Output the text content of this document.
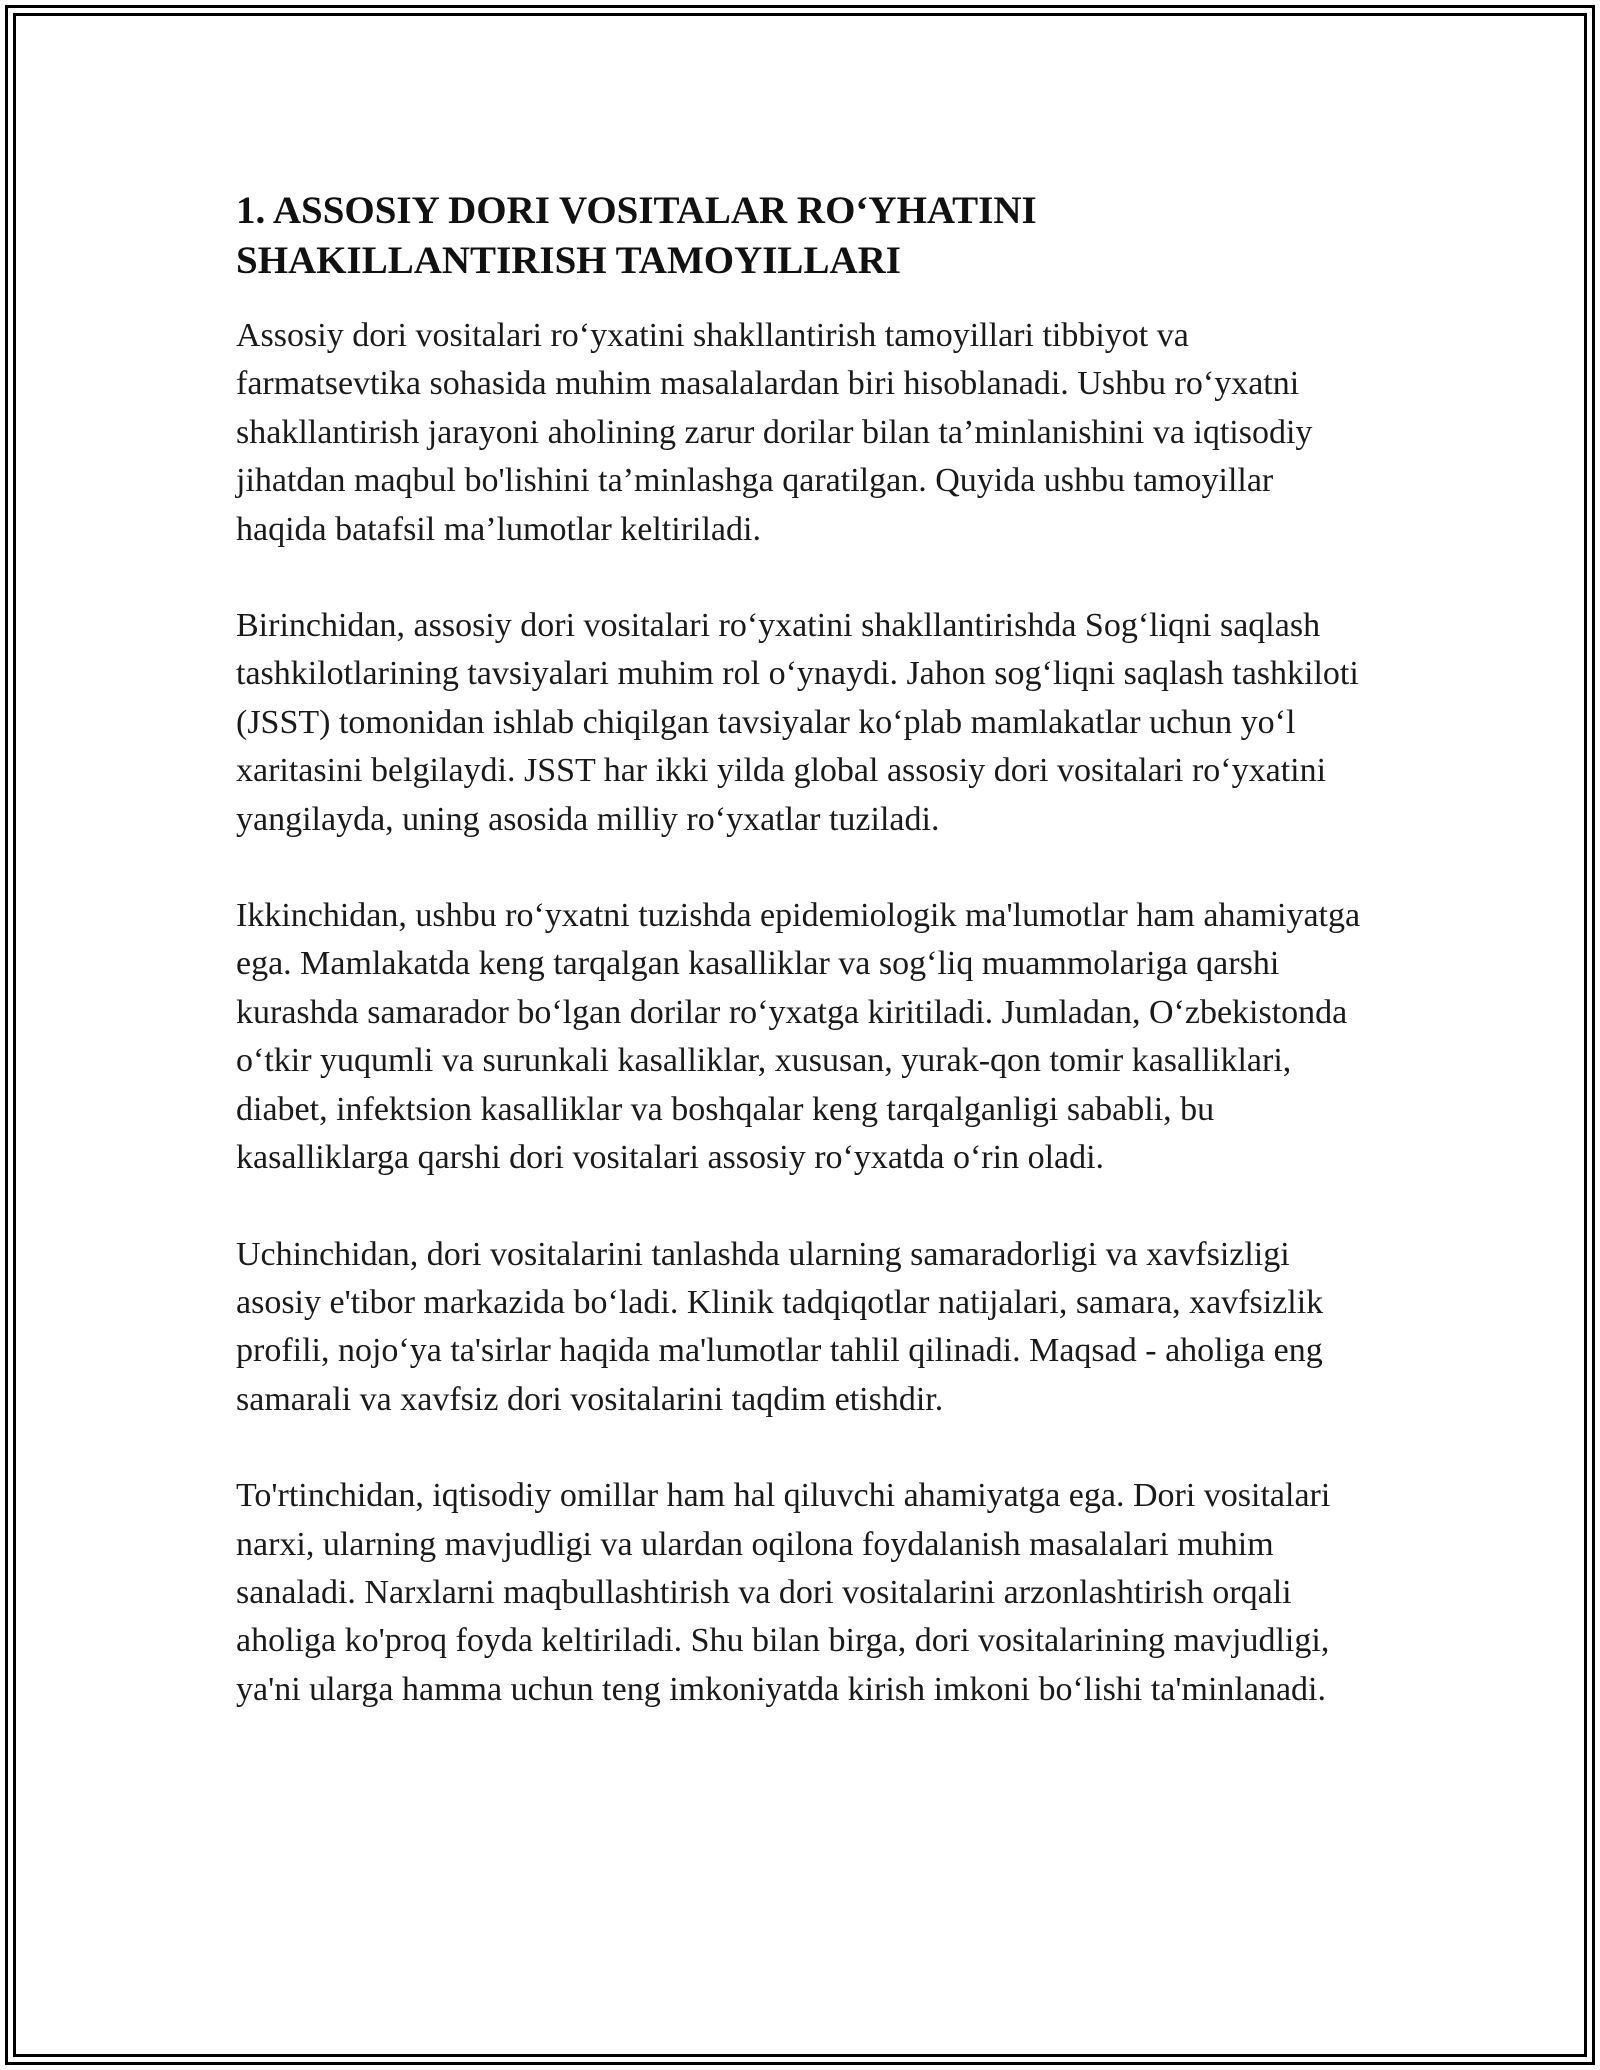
1. ASSOSIY DORI VOSITALAR RO‘YHATINI
SHAKILLANTIRISH TAMOYILLARI

Assosiy dori vositalari ro‘yxatini shakllantirish tamoyillari tibbiyot va farmatsevtika sohasida muhim masalalardan biri hisoblanadi. Ushbu ro‘yxatni shakllantirish jarayoni aholining zarur dorilar bilan ta’minlanishini va iqtisodiy jihatdan maqbul bo'lishini ta’minlashga qaratilgan. Quyida ushbu tamoyillar haqida batafsil ma’lumotlar keltiriladi.

Birinchidan, assosiy dori vositalari ro‘yxatini shakllantirishda Sog‘liqni saqlash tashkilotlarining tavsiyalari muhim rol o‘ynaydi. Jahon sog‘liqni saqlash tashkiloti (JSST) tomonidan ishlab chiqilgan tavsiyalar ko‘plab mamlakatlar uchun yo‘l xaritasini belgilaydi. JSST har ikki yilda global assosiy dori vositalari ro‘yxatini yangilayda, uning asosida milliy ro‘yxatlar tuziladi.

Ikkinchidan, ushbu ro‘yxatni tuzishda epidemiologik ma'lumotlar ham ahamiyatga ega. Mamlakatda keng tarqalgan kasalliklar va sog‘liq muammolariga qarshi kurashda samarador bo‘lgan dorilar ro‘yxatga kiritiladi. Jumladan, O‘zbekistonda o‘tkir yuqumli va surunkali kasalliklar, xususan, yurak-qon tomir kasalliklari, diabet, infektsion kasalliklar va boshqalar keng tarqalganligi sababli, bu kasalliklarga qarshi dori vositalari assosiy ro‘yxatda o‘rin oladi.

Uchinchidan, dori vositalarini tanlashda ularning samaradorligi va xavfsizligi asosiy e'tibor markazida bo‘ladi. Klinik tadqiqotlar natijalari, samara, xavfsizlik profili, nojo‘ya ta'sirlar haqida ma'lumotlar tahlil qilinadi. Maqsad - aholiga eng samarali va xavfsiz dori vositalarini taqdim etishdir.

To'rtinchidan, iqtisodiy omillar ham hal qiluvchi ahamiyatga ega. Dori vositalari narxi, ularning mavjudligi va ulardan oqilona foydalanish masalalari muhim sanaladi. Narxlarni maqbullashtirish va dori vositalarini arzonlashtirish orqali aholiga ko'proq foyda keltiriladi. Shu bilan birga, dori vositalarining mavjudligi, ya'ni ularga hamma uchun teng imkoniyatda kirish imkoni bo‘lishi ta'minlanadi.
